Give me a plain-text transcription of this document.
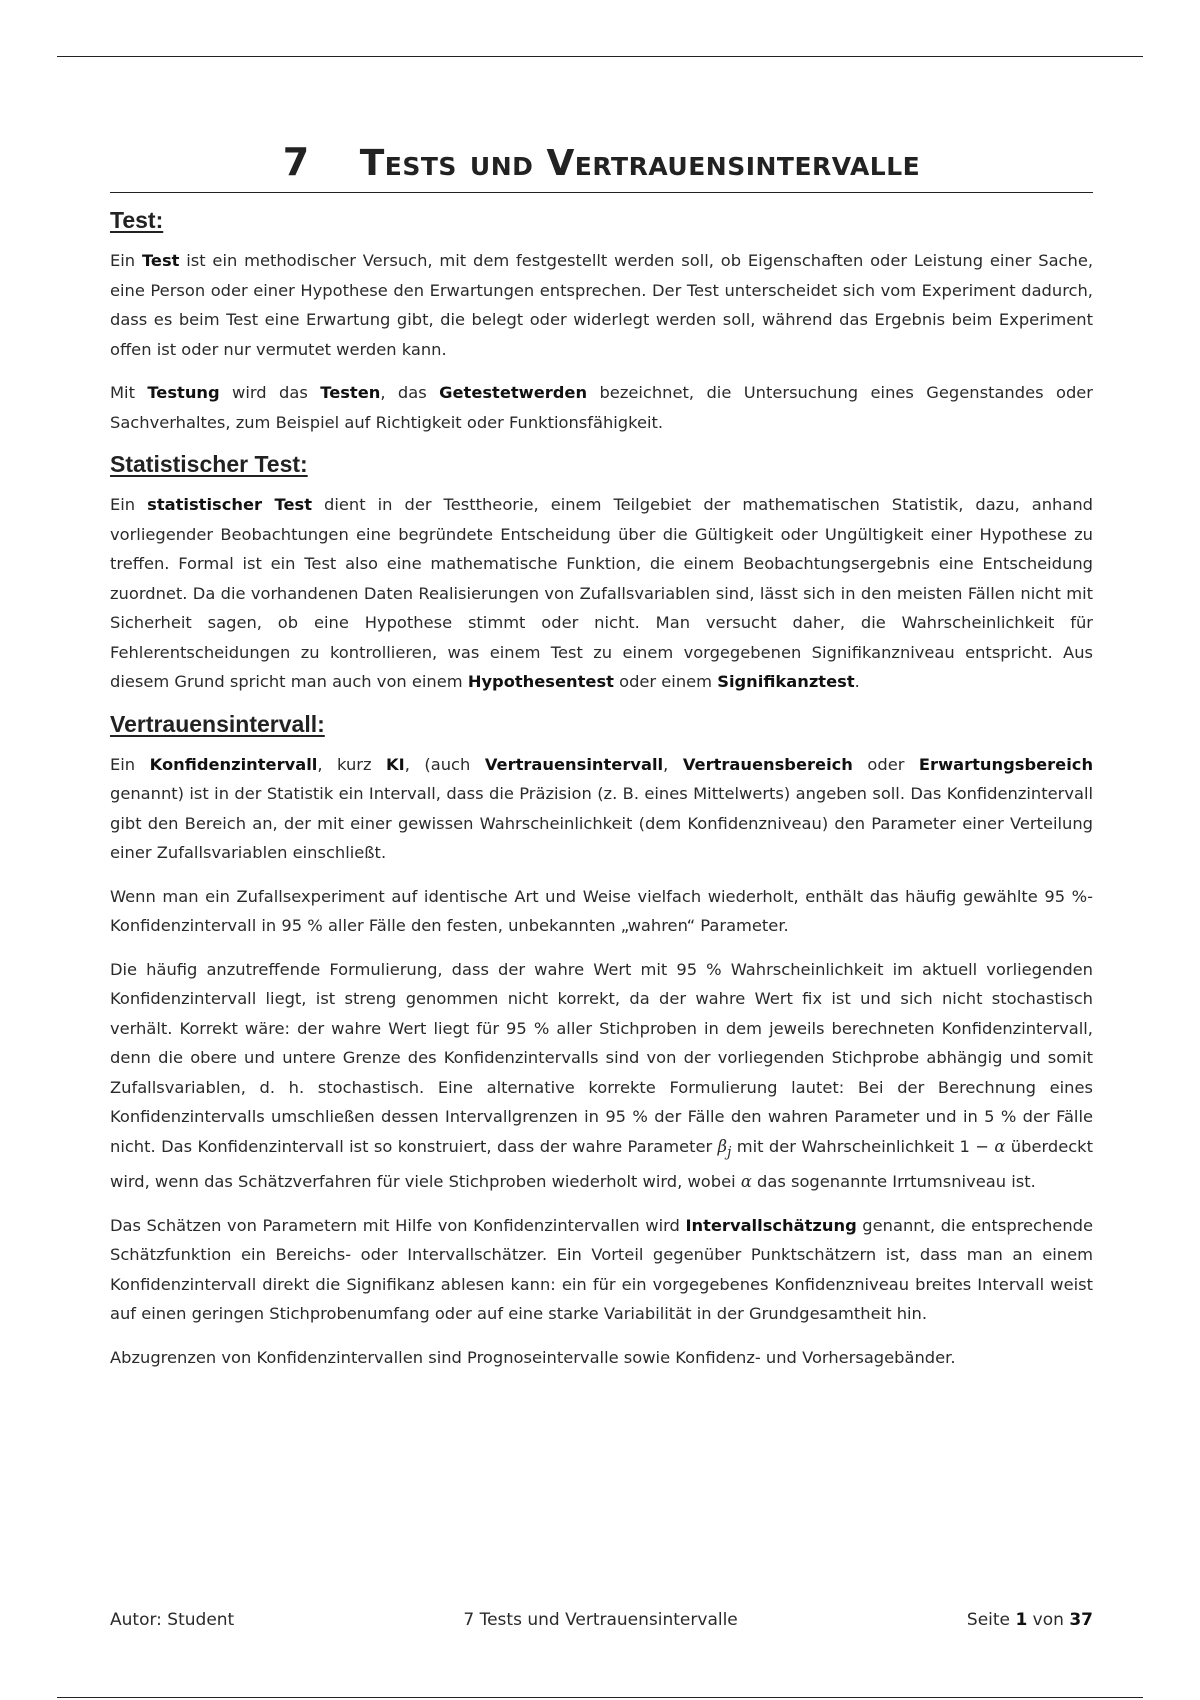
7 Tests und Vertrauensintervalle
Test:

Ein Test ist ein methodischer Versuch, mit dem festgestellt werden soll, ob Eigenschaften oder Leistung einer Sache, eine Person oder einer Hypothese den Erwartungen entsprechen. Der Test unterscheidet sich vom Experiment dadurch, dass es beim Test eine Erwartung gibt, die belegt oder widerlegt werden soll, während das Ergebnis beim Experiment offen ist oder nur vermutet werden kann.

Mit Testung wird das Testen, das Getestetwerden bezeichnet, die Untersuchung eines Gegenstandes oder Sachverhaltes, zum Beispiel auf Richtigkeit oder Funktionsfähigkeit.

Statistischer Test:

Ein statistischer Test dient in der Testtheorie, einem Teilgebiet der mathematischen Statistik, dazu, anhand vorliegender Beobachtungen eine begründete Entscheidung über die Gültigkeit oder Ungültigkeit einer Hypothese zu treffen. Formal ist ein Test also eine mathematische Funktion, die einem Beobachtungsergebnis eine Entscheidung zuordnet. Da die vorhandenen Daten Realisierungen von Zufallsvariablen sind, lässt sich in den meisten Fällen nicht mit Sicherheit sagen, ob eine Hypothese stimmt oder nicht. Man versucht daher, die Wahrscheinlichkeit für Fehlerentscheidungen zu kontrollieren, was einem Test zu einem vorgegebenen Signifikanzniveau entspricht. Aus diesem Grund spricht man auch von einem Hypothesentest oder einem Signifikanztest.

Vertrauensintervall:

Ein Konfidenzintervall, kurz KI, (auch Vertrauensintervall, Vertrauensbereich oder Erwartungsbereich genannt) ist in der Statistik ein Intervall, dass die Präzision (z. B. eines Mittelwerts) angeben soll. Das Konfidenzintervall gibt den Bereich an, der mit einer gewissen Wahrscheinlichkeit (dem Konfidenzniveau) den Parameter einer Verteilung einer Zufallsvariablen einschließt.

Wenn man ein Zufallsexperiment auf identische Art und Weise vielfach wiederholt, enthält das häufig gewählte 95 %-Konfidenzintervall in 95 % aller Fälle den festen, unbekannten „wahren“ Parameter.

Die häufig anzutreffende Formulierung, dass der wahre Wert mit 95 % Wahrscheinlichkeit im aktuell vorliegenden Konfidenzintervall liegt, ist streng genommen nicht korrekt, da der wahre Wert fix ist und sich nicht stochastisch verhält. Korrekt wäre: der wahre Wert liegt für 95 % aller Stichproben in dem jeweils berechneten Konfidenzintervall, denn die obere und untere Grenze des Konfidenzintervalls sind von der vorliegenden Stichprobe abhängig und somit Zufallsvariablen, d. h. stochastisch. Eine alternative korrekte Formulierung lautet: Bei der Berechnung eines Konfidenzintervalls umschließen dessen Intervallgrenzen in 95 % der Fälle den wahren Parameter und in 5 % der Fälle nicht. Das Konfidenzintervall ist so konstruiert, dass der wahre Parameter $\beta_j$ mit der Wahrscheinlichkeit 1 − α überdeckt wird, wenn das Schätzverfahren für viele Stichproben wiederholt wird, wobei α das sogenannte Irrtumsniveau ist.

Das Schätzen von Parametern mit Hilfe von Konfidenzintervallen wird Intervallschätzung genannt, die entsprechende Schätzfunktion ein Bereichs- oder Intervallschätzer. Ein Vorteil gegenüber Punktschätzern ist, dass man an einem Konfidenzintervall direkt die Signifikanz ablesen kann: ein für ein vorgegebenes Konfidenzniveau breites Intervall weist auf einen geringen Stichprobenumfang oder auf eine starke Variabilität in der Grundgesamtheit hin.

Abzugrenzen von Konfidenzintervallen sind Prognoseintervalle sowie Konfidenz- und Vorhersagebänder.

Autor: Student	7 Tests und Vertrauensintervalle	Seite 1 von 37
